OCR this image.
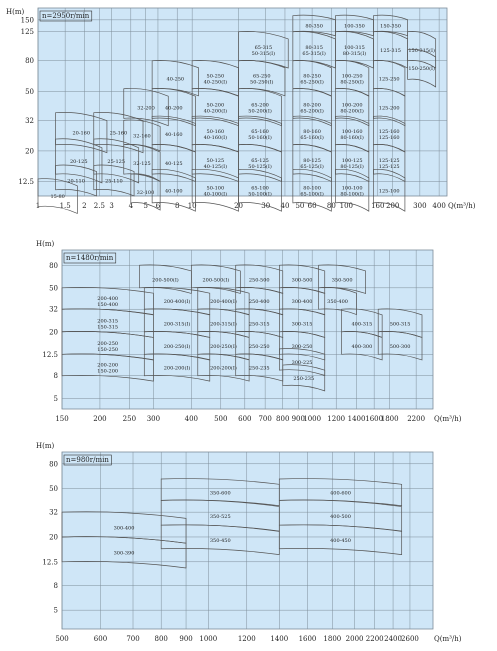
1	1.5 2 2.5 3 4 5 6 8 10	20	30 40 50 60 80 100	160 200 300 400
150
125
80
50
32
20
12.5
H(m)
Q(m³/h)
n=2950r/min
15-80
20-110
20-125
20-160
25-110
25-125
25-160
32-100
32-125
32-160
32-200
40-100
40-125
40-160
40-200
40-250
50-100
40-100(I)
50-125
40-125(I)
50-160
40-160(I)
50-200
40-200(I)
50-250
40-250(I)
65-100
50-100(I)
65-125
50-125(I)
65-160
50-160(I)
65-200
50-200(I)
65-250
50-250(I)
65-315
50-315(I)
80-100
65-100(I)
80-125
65-125(I)
80-160
65-160(I)
80-200
65-200(I)
80-250
65-250(I)
80-315
65-315(I)
80-350
100-100
80-100(I)
100-125
80-125(I)
100-160
80-160(I)
100-200
80-200(I)
100-250
80-250(I)
100-315
80-315(I)
100-350
125-100
125-125
125-125
125-160
125-160
125-200
125-250
125-315
150-350
150-315(I)
150-250(I)
150	200 250 300	400 500 600 700 800 900
1000 1200 1400 1600
1800 2200
80
50
32
20
12.5
8
5
H(m)
Q(m³/h)
n=1480r/min
200-400
150-400
200-315
150-315
200-250
150-250
200-200
150-200
200-500(I)
200-400(I)
200-315(I)
200-250(I)
200-200(I)
200-500(I)
200-400(I)
200-315(I)
200-250(I)
200-200(I)
250-500
250-400
250-315
250-250
250-235
300-500
300-400
300-315
300-250
300-225
250-235
350-500
350-400
400-315
400-300
500-315
500-300
500	600	700 800 900 1000	1200 1400 1600 1800 2000 2200 2400 2600
80
50
32
20
12.5
8
5
H(m)
Q(m³/h)
n=980r/min
300-400
300-390
350-600
350-525
350-450
400-600
400-500
400-450
